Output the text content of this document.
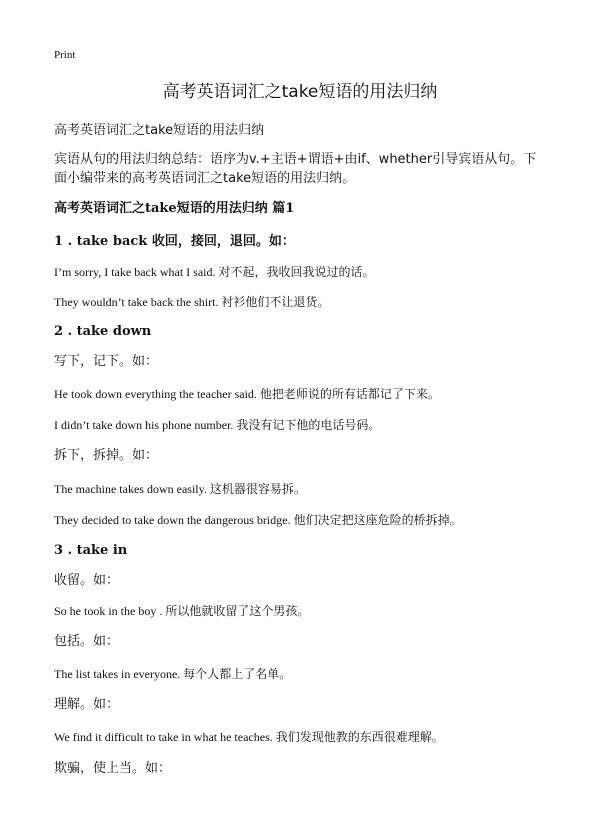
Print
高考英语词汇之take短语的用法归纳
高考英语词汇之take短语的用法归纳
宾语从句的用法归纳总结：语序为v.+主语+谓语+由if、whether引导宾语从句。下
面小编带来的高考英语词汇之take短语的用法归纳。
高考英语词汇之take短语的用法归纳 篇1
1 . take back 收回，接回，退回。如：
I’m sorry, I take back what I said. 对不起，我收回我说过的话。
They wouldn’t take back the shirt. 衬衫他们不让退货。
2 . take down
写下，记下。如：
He took down everything the teacher said. 他把老师说的所有话都记了下来。
I didn’t take down his phone number. 我没有记下他的电话号码。
拆下，拆掉。如：
The machine takes down easily. 这机器很容易拆。
They decided to take down the dangerous bridge. 他们决定把这座危险的桥拆掉。
3 . take in
收留。如：
So he took in the boy . 所以他就收留了这个男孩。
包括。如：
The list takes in everyone. 每个人都上了名单。
理解。如：
We find it difficult to take in what he teaches. 我们发现他教的东西很难理解。
欺骗，使上当。如：
